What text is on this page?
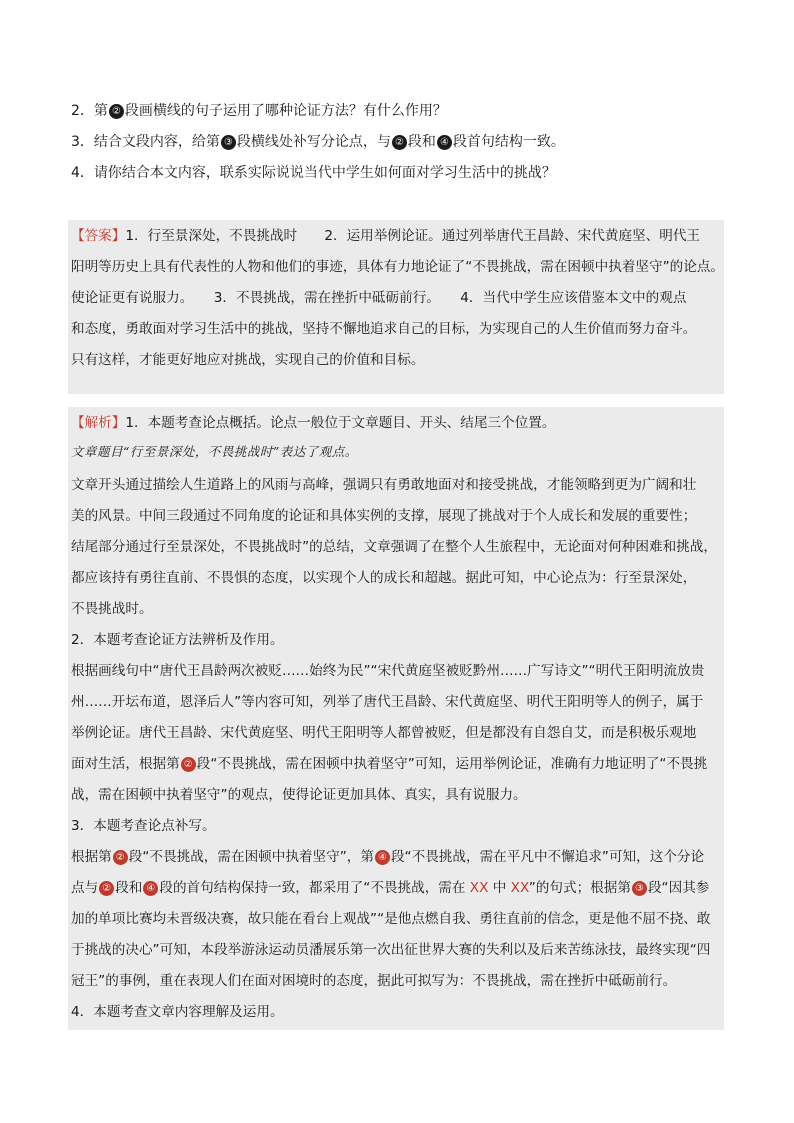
2．第 ② 段画横线的句子运用了哪种论证方法？有什么作用？
3．结合文段内容，给第 ③ 段横线处补写分论点，与 ② 段和 ④ 段首句结构一致。
4．请你结合本文内容，联系实际说说当代中学生如何面对学习生活中的挑战？
【答案】1．行至景深处，不畏挑战时　　2．运用举例论证。通过列举唐代王昌龄、宋代黄庭坚、明代王
阳明等历史上具有代表性的人物和他们的事迹，具体有力地论证了“不畏挑战，需在困顿中执着坚守”的论点。
使论证更有说服力。　　3．不畏挑战，需在挫折中砥砺前行。　　4．当代中学生应该借鉴本文中的观点
和态度，勇敢面对学习生活中的挑战，坚持不懈地追求自己的目标，为实现自己的人生价值而努力奋斗。
只有这样，才能更好地应对挑战，实现自己的价值和目标。
【解析】1．本题考查论点概括。论点一般位于文章题目、开头、结尾三个位置。
文章题目“行至景深处，不畏挑战时”表达了观点。
文章开头通过描绘人生道路上的风雨与高峰，强调只有勇敢地面对和接受挑战，才能领略到更为广阔和壮
美的风景。中间三段通过不同角度的论证和具体实例的支撑，展现了挑战对于个人成长和发展的重要性；
结尾部分通过行至景深处，不畏挑战时”的总结，文章强调了在整个人生旅程中，无论面对何种困难和挑战，
都应该持有勇往直前、不畏惧的态度，以实现个人的成长和超越。据此可知，中心论点为：行至景深处，
不畏挑战时。
2．本题考查论证方法辨析及作用。
根据画线句中“唐代王昌龄两次被贬……始终为民”“宋代黄庭坚被贬黔州……广写诗文”“明代王阳明流放贵
州……开坛布道，恩泽后人”等内容可知，列举了唐代王昌龄、宋代黄庭坚、明代王阳明等人的例子，属于
举例论证。唐代王昌龄、宋代黄庭坚、明代王阳明等人都曾被贬，但是都没有自怨自艾，而是积极乐观地
面对生活，根据第 ② 段“不畏挑战，需在困顿中执着坚守”可知，运用举例论证，准确有力地证明了“不畏挑
战，需在困顿中执着坚守”的观点，使得论证更加具体、真实，具有说服力。
3．本题考查论点补写。
根据第 ② 段“不畏挑战，需在困顿中执着坚守”，第 ④ 段“不畏挑战，需在平凡中不懈追求”可知，这个分论
点与 ② 段和 ④ 段的首句结构保持一致，都采用了“不畏挑战，需在 XX 中 XX”的句式；根据第 ③ 段“因其参
加的单项比赛均未晋级决赛，故只能在看台上观战”“是他点燃自我、勇往直前的信念，更是他不屈不挠、敢
于挑战的决心”可知，本段举游泳运动员潘展乐第一次出征世界大赛的失利以及后来苦练泳技，最终实现“四
冠王”的事例，重在表现人们在面对困境时的态度，据此可拟写为：不畏挑战，需在挫折中砥砺前行。
4．本题考查文章内容理解及运用。
